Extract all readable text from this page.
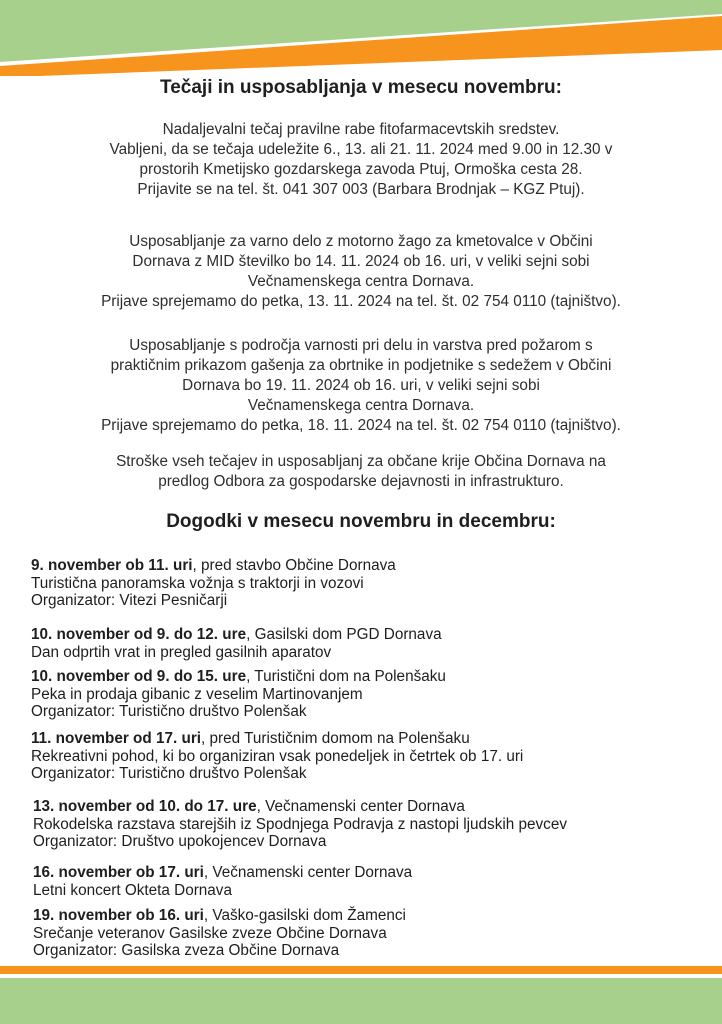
Tečaji in usposabljanja v mesecu novembru:
Nadaljevalni tečaj pravilne rabe fitofarmacevtskih sredstev.
Vabljeni, da se tečaja udeležite 6., 13. ali 21. 11. 2024 med 9.00 in 12.30 v
prostorih Kmetijsko gozdarskega zavoda Ptuj, Ormoška cesta 28.
Prijavite se na tel. št. 041 307 003 (Barbara Brodnjak – KGZ Ptuj).
Usposabljanje za varno delo z motorno žago za kmetovalce v Občini
Dornava z MID številko bo 14. 11. 2024 ob 16. uri, v veliki sejni sobi
Večnamenskega centra Dornava.
Prijave sprejemamo do petka, 13. 11. 2024 na tel. št. 02 754 0110 (tajništvo).
Usposabljanje s področja varnosti pri delu in varstva pred požarom s
praktičnim prikazom gašenja za obrtnike in podjetnike s sedežem v Občini
Dornava bo 19. 11. 2024 ob 16. uri, v veliki sejni sobi
Večnamenskega centra Dornava.
Prijave sprejemamo do petka, 18. 11. 2024 na tel. št. 02 754 0110 (tajništvo).
Stroške vseh tečajev in usposabljanj za občane krije Občina Dornava na
predlog Odbora za gospodarske dejavnosti in infrastrukturo.
Dogodki v mesecu novembru in decembru:
9. november ob 11. uri, pred stavbo Občine Dornava
Turistična panoramska vožnja s traktorji in vozovi
Organizator: Vitezi Pesničarji
10. november od 9. do 12. ure, Gasilski dom PGD Dornava
Dan odprtih vrat in pregled gasilnih aparatov
10. november od 9. do 15. ure, Turistični dom na Polenšaku
Peka in prodaja gibanic z veselim Martinovanjem
Organizator: Turistično društvo Polenšak
11. november od 17. uri, pred Turističnim domom na Polenšaku
Rekreativni pohod, ki bo organiziran vsak ponedeljek in četrtek ob 17. uri
Organizator: Turistično društvo Polenšak
13. november od 10. do 17. ure, Večnamenski center Dornava
Rokodelska razstava starejših iz Spodnjega Podravja z nastopi ljudskih pevcev
Organizator: Društvo upokojencev Dornava
16. november ob 17. uri, Večnamenski center Dornava
Letni koncert Okteta Dornava
19. november ob 16. uri, Vaško-gasilski dom Žamenci
Srečanje veteranov Gasilske zveze Občine Dornava
Organizator: Gasilska zveza Občine Dornava
